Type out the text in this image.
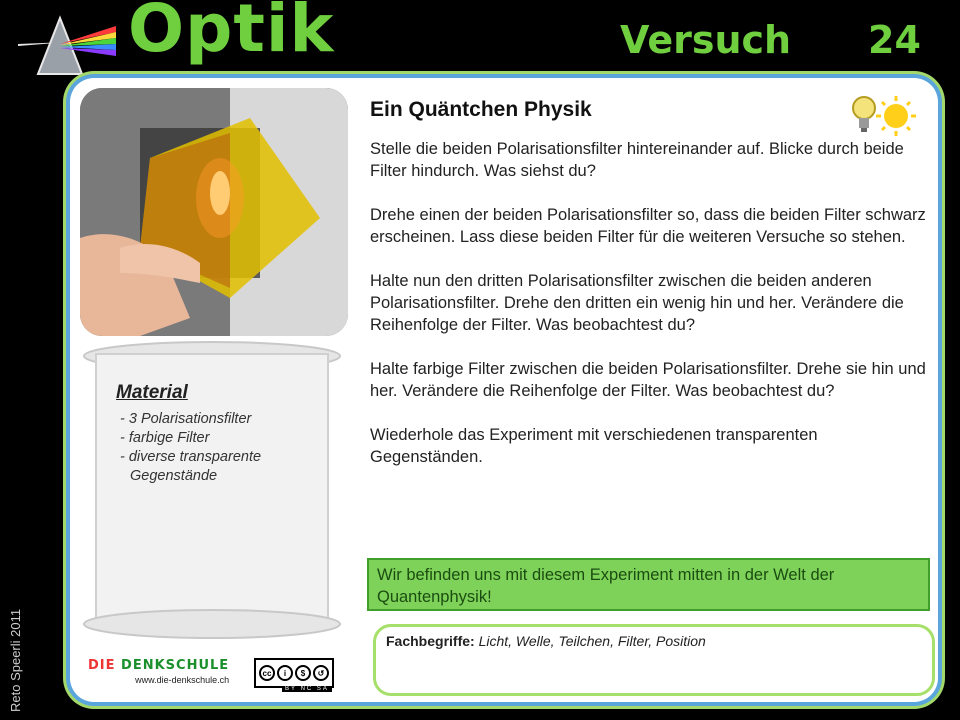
Optik	Versuch 24
Reto Speerli 2011
Material
- 3 Polarisationsfilter
- farbige Filter
- diverse transparente Gegenstände
DIE DENKSCHULE
www.die-denkschule.ch
cc	i	$	↺
BY NC SA
Ein Quäntchen Physik

Stelle die beiden Polarisationsfilter hintereinander auf. Blicke durch beide Filter hindurch. Was siehst du?

Drehe einen der beiden Polarisationsfilter so, dass die beiden Filter schwarz erscheinen. Lass diese beiden Filter für die weiteren Versuche so stehen.

Halte nun den dritten Polarisationsfilter zwischen die beiden anderen Polarisationsfilter. Drehe den dritten ein wenig hin und her. Verändere die Reihenfolge der Filter. Was beobachtest du?

Halte farbige Filter zwischen die beiden Polarisationsfilter. Drehe sie hin und her. Verändere die Reihenfolge der Filter. Was beobachtest du?

Wiederhole das Experiment mit verschiedenen transparenten Gegenständen.

Wir befinden uns mit diesem Experiment mitten in der Welt der Quantenphysik!
Fachbegriffe: Licht, Welle, Teilchen, Filter, Position
